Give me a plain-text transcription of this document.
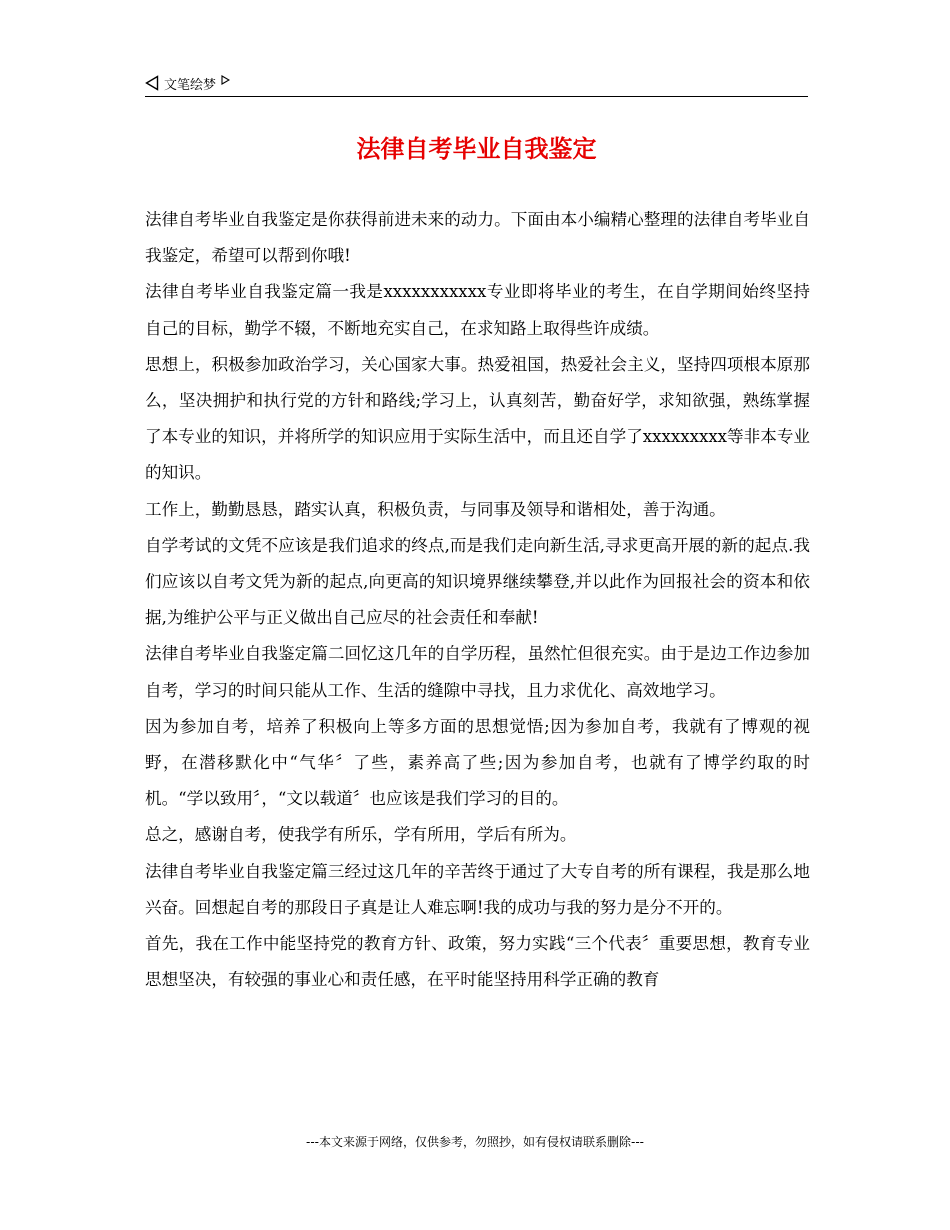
文笔绘梦
法律自考毕业自我鉴定

法律自考毕业自我鉴定是你获得前进未来的动力。下面由本小编精心整理的法律自考毕业自我鉴定，希望可以帮到你哦!

法律自考毕业自我鉴定篇一我是xxxxxxxxxxx专业即将毕业的考生，在自学期间始终坚持自己的目标，勤学不辍，不断地充实自己，在求知路上取得些许成绩。

思想上，积极参加政治学习，关心国家大事。热爱祖国，热爱社会主义，坚持四项根本原那么，坚决拥护和执行党的方针和路线;学习上，认真刻苦，勤奋好学，求知欲强，熟练掌握了本专业的知识，并将所学的知识应用于实际生活中，而且还自学了xxxxxxxxx等非本专业的知识。

工作上，勤勤恳恳，踏实认真，积极负责，与同事及领导和谐相处，善于沟通。

自学考试的文凭不应该是我们追求的终点,而是我们走向新生活,寻求更高开展的新的起点.我们应该以自考文凭为新的起点,向更高的知识境界继续攀登,并以此作为回报社会的资本和依据,为维护公平与正义做出自己应尽的社会责任和奉献!

法律自考毕业自我鉴定篇二回忆这几年的自学历程，虽然忙但很充实。由于是边工作边参加自考，学习的时间只能从工作、生活的缝隙中寻找，且力求优化、高效地学习。

因为参加自考，培养了积极向上等多方面的思想觉悟;因为参加自考，我就有了博观的视野，在潜移默化中“气华〞了些，素养高了些;因为参加自考，也就有了博学约取的时机。“学以致用〞，“文以载道〞也应该是我们学习的目的。

总之，感谢自考，使我学有所乐，学有所用，学后有所为。

法律自考毕业自我鉴定篇三经过这几年的辛苦终于通过了大专自考的所有课程，我是那么地兴奋。回想起自考的那段日子真是让人难忘啊!我的成功与我的努力是分不开的。

首先，我在工作中能坚持党的教育方针、政策，努力实践“三个代表〞重要思想，教育专业思想坚决，有较强的事业心和责任感，在平时能坚持用科学正确的教育

---本文来源于网络，仅供参考，勿照抄，如有侵权请联系删除---
